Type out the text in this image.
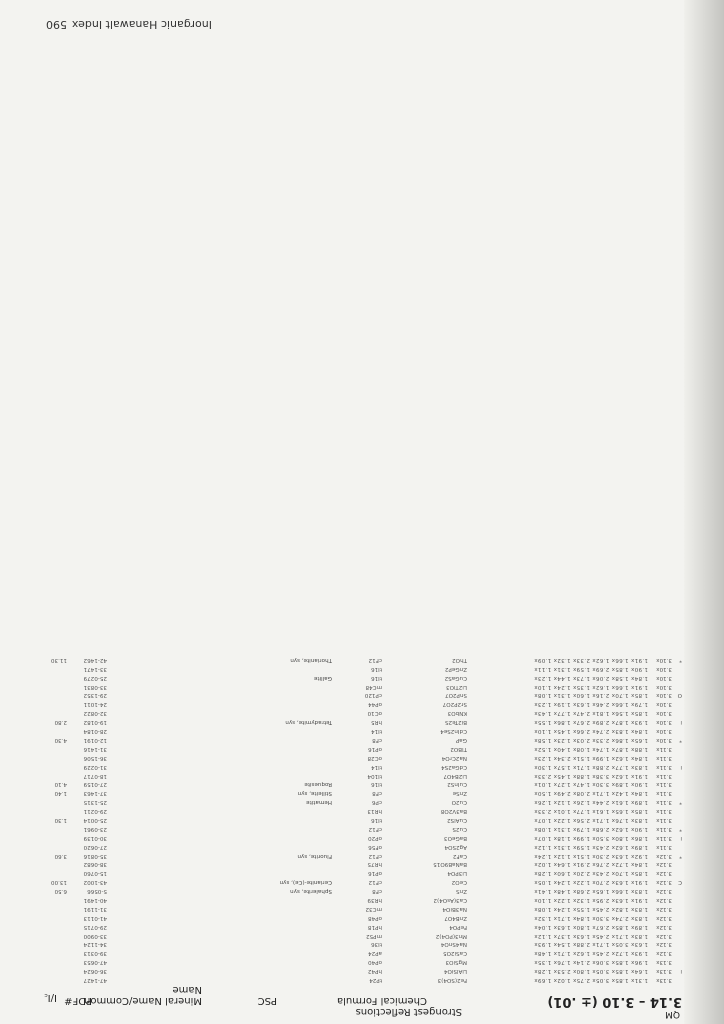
QM
3.14 – 3.10 (± .01)
Strongest Reflections
Chemical Formula
PSC
Mineral Name/Common Name
PDF#
I/I꜀
3.13x
1.31x 1.85x 3.05x 2.75x 1.02x 1.69x
Fe2(SO4)3
tP24
47-1427
i
3.13x
1.64x 1.85x 3.05x 1.80x 2.53x 1.28x
LiAlSiO4
hP42
36-0624
3.13x
1.96x 1.85x 3.06x 2.14x 1.76x 1.35x
MgSiO3
oP40
47-0653
3.12x
1.93x 1.72x 2.45x 1.62x 1.71x 1.48x
CaSi2O5
aP24
39-0313
3.12x
1.63x 3.05x 1.71x 2.88x 1.54x 1.93x
Na4SnO4
tI36
34-1124
3.12x
1.83x 1.71x 2.45x 1.63x 1.37x 1.12x
Mn3(PO4)2
mP52
33-0900
3.12x
1.89x 1.85x 2.67x 1.80x 1.63x 1.04x
FePO4
hP18
29-0715
3.12x
1.83x 2.74x 3.30x 1.84x 1.71x 1.32x
ZnB4O7
oP48
41-0113
3.12x
1.83x 1.82x 2.45x 1.55x 1.24x 1.08x
Na3BiO4
mC32
31-1191
3.12x
1.91x 1.63x 2.95x 1.32x 1.22x 1.10x
Ca3(AsO4)2
hR39
40-1491
3.12x
1.83x 1.66x 1.65x 2.68x 1.48x 1.41x
ZnS
cF8
Sphalerite, syn
5-0566
6.50
C
3.12x
1.91x 1.63x 2.70x 1.22x 1.24x 1.05x
CeO2
cF12
Cerianite-(Ce), syn
43-1002
13.00
3.12x
1.85x 1.70x 2.43x 2.20x 1.60x 1.28x
Li3PO4
oP16
15-0760
3.12x
1.84x 1.72x 2.76x 2.91x 1.64x 1.02x
BaNaB9O15
hR75
38-0682
*
3.12x
1.92x 1.63x 2.30x 1.51x 1.12x 1.24x
CaF2
cF12
Fluorite, syn
35-0816
3.60
3.11x
1.89x 1.62x 2.43x 1.59x 1.31x 1.12x
Ag2SO4
oF56
27-0620
i
3.11x
1.86x 1.80x 3.50x 1.99x 1.18x 1.07x
BaGeO3
oP20
30-0139
*
3.11x
1.90x 1.62x 2.68x 1.79x 1.31x 1.08x
Cu2S
cF12
23-0961
3.11x
1.83x 1.76x 1.71x 2.56x 1.22x 1.07x
CuAlS2
tI16
25-0014
1.30
3.11x
1.85x 1.65x 1.61x 1.77x 1.01x 2.33x
Ba3V2O8
hR13
29-0211
*
3.11x
1.89x 1.61x 2.44x 1.26x 1.12x 1.26x
Cu2O
cP6
Hematite
25-1315
3.11x
1.84x 1.42x 1.71x 2.08x 2.49x 1.50x
ZnSe
cF8
Stilleite, syn
37-1463
1.40
3.11x
1.90x 1.89x 3.30x 1.47x 1.27x 1.01x
CuInS2
tI16
Roquesite
27-0159
4.10
3.11x
1.91x 1.62x 3.38x 1.88x 1.45x 2.33x
Li2B4O7
tI104
18-0717
i
3.11x
1.83x 1.77x 2.88x 1.71x 1.57x 1.30x
CdGa2S4
tI14
31-0229
3.11x
1.84x 1.62x 1.99x 1.51x 2.34x 1.23x
Na2CrO4
oC28
36-1506
3.11x
1.88x 1.87x 1.74x 1.08x 1.40x 1.52x
TlBO2
oP16
31-1416
*
3.10x
1.65x 1.86x 2.33x 2.03x 1.23x 1.58x
GaP
cF8
12-0191
4.30
3.10x
1.84x 1.83x 2.74x 2.66x 1.45x 1.10x
CdIn2Se4
tI14
28-0184
i
3.10x
1.93x 1.87x 2.89x 2.67x 1.86x 1.55x
Bi2Te2S
hR5
Tetradymite, syn
19-0182
2.80
3.10x
1.85x 1.56x 1.81x 2.47x 1.77x 1.43x
KNbO3
oC10
32-0822
3.10x
1.79x 1.66x 2.46x 1.63x 1.19x 1.23x
Sr2P2O7
oP44
24-1011
O
3.10x
1.85x 1.70x 2.16x 1.60x 1.31x 1.08x
SnP2O7
cP120
29-1352
3.10x
1.91x 1.66x 1.62x 1.35x 1.24x 1.10x
Li2TiO3
mC48
33-0831
3.10x
1.84x 1.58x 2.06x 1.73x 1.44x 1.23x
CuGaS2
tI16
Gallite
25-0279
3.10x
1.90x 1.85x 2.69x 1.59x 1.31x 1.11x
ZnGeP2
tI16
33-1471
*
3.10x
1.91x 1.66x 1.62x 2.33x 1.32x 1.09x
ThO2
cF12
Thorianite, syn
42-1462
11.30
Inorganic Hanawalt Index
590
